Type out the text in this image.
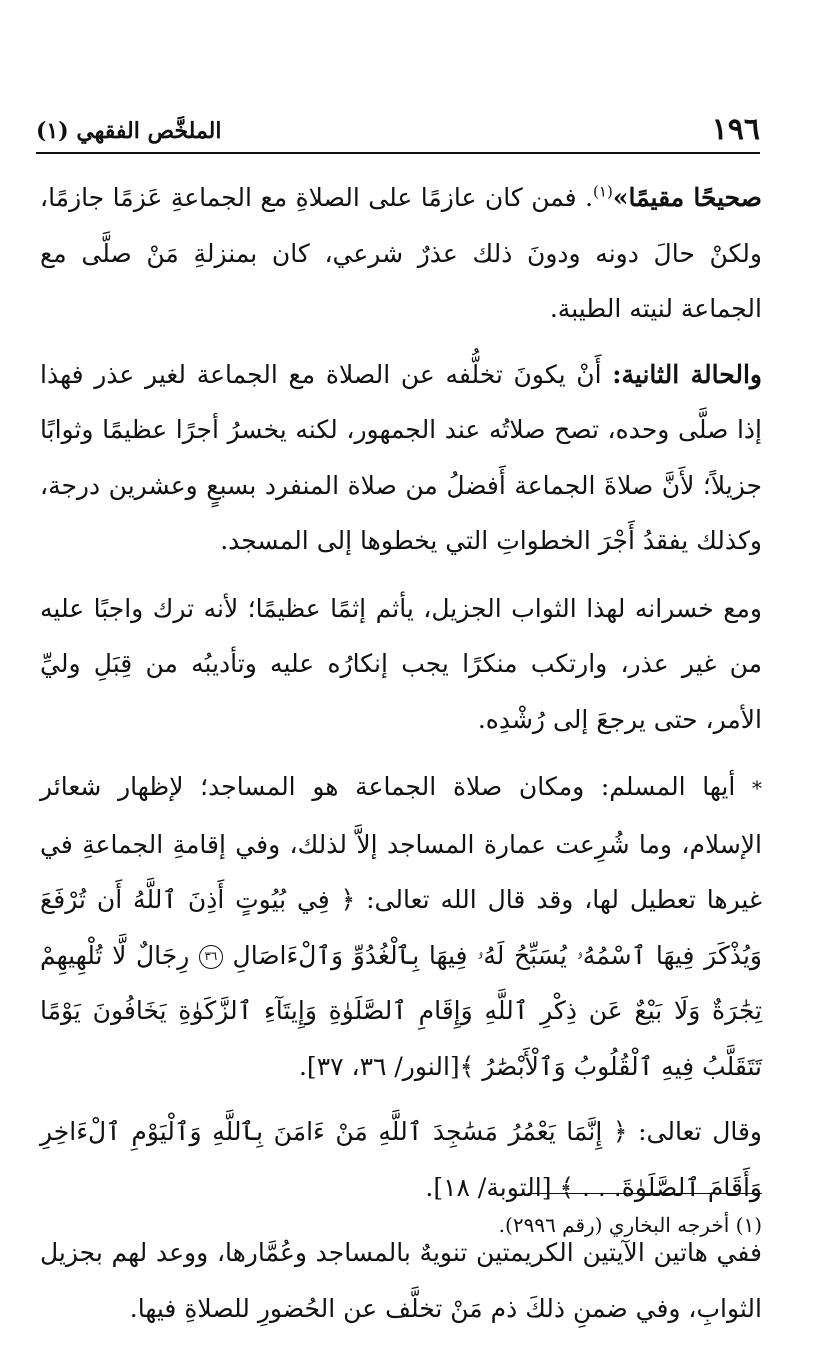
١٩٦
الملخَّص الفقهي (١)

صحيحًا مقيمًا»$^{(١)}$. فمن كان عازمًا على الصلاةِ مع الجماعةِ عَزمًا جازمًا، ولكنْ حالَ دونه ودونَ ذلك عذرٌ شرعي، كان بمنزلةِ مَنْ صلَّى مع الجماعة لنيته الطيبة.

والحالة الثانية: أَنْ يكونَ تخلُّفه عن الصلاة مع الجماعة لغير عذر فهذا إذا صلَّى وحده، تصح صلاتُه عند الجمهور، لكنه يخسرُ أجرًا عظيمًا وثوابًا جزيلاً؛ لأَنَّ صلاةَ الجماعة أَفضلُ من صلاة المنفرد بسبعٍ وعشرين درجة، وكذلك يفقدُ أَجْرَ الخطواتِ التي يخطوها إلى المسجد.

ومع خسرانه لهذا الثواب الجزيل، يأثم إثمًا عظيمًا؛ لأنه ترك واجبًا عليه من غير عذر، وارتكب منكرًا يجب إنكارُه عليه وتأديبُه من قِبَلِ وليِّ الأمر، حتى يرجعَ إلى رُشْدِه.

* أيها المسلم: ومكان صلاة الجماعة هو المساجد؛ لإظهار شعائر الإسلام، وما شُرِعت عمارة المساجد إلاَّ لذلك، وفي إقامةِ الجماعةِ في غيرها تعطيل لها، وقد قال الله تعالى: ﴿ فِي بُيُوتٍ أَذِنَ ٱللَّهُ أَن تُرْفَعَ وَيُذْكَرَ فِيهَا ٱسْمُهُۥ يُسَبِّحُ لَهُۥ فِيهَا بِٱلْغُدُوِّ وَٱلْءَاصَالِ ٣٦ رِجَالٌ لَّا تُلْهِيهِمْ تِجَٰرَةٌ وَلَا بَيْعٌ عَن ذِكْرِ ٱللَّهِ وَإِقَامِ ٱلصَّلَوٰةِ وَإِيتَآءِ ٱلزَّكَوٰةِ يَخَافُونَ يَوْمًا تَتَقَلَّبُ فِيهِ ٱلْقُلُوبُ وَٱلْأَبْصَٰرُ ﴾[النور/ ٣٦، ٣٧].

وقال تعالى: ﴿ إِنَّمَا يَعْمُرُ مَسَٰجِدَ ٱللَّهِ مَنْ ءَامَنَ بِٱللَّهِ وَٱلْيَوْمِ ٱلْءَاخِرِ وَأَقَامَ ٱلصَّلَوٰةَ. . . ﴾ [التوبة/ ١٨].

ففي هاتين الآيتين الكريمتين تنويهٌ بالمساجد وعُمَّارها، ووعد لهم بجزيل الثوابِ، وفي ضمنِ ذلكَ ذم مَنْ تخلَّف عن الحُضورِ للصلاةِ فيها.

(١) أخرجه البخاري (رقم ٢٩٩٦).
